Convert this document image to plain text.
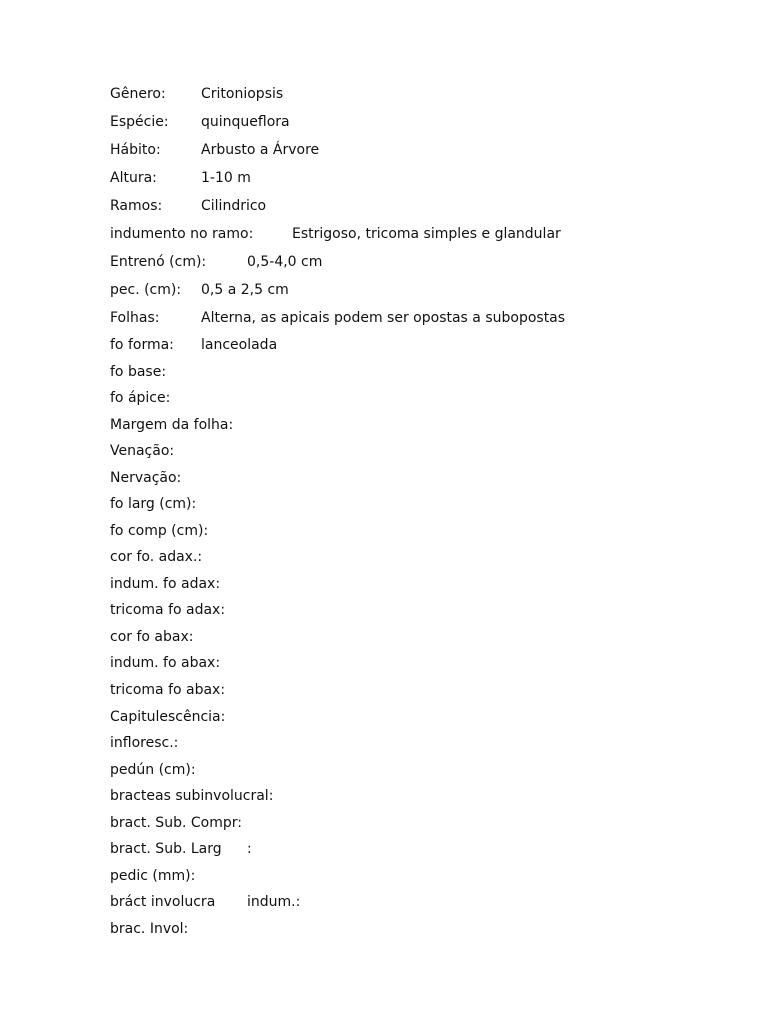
Gênero:	Critoniopsis
Espécie: quinqueflora
Hábito:	Arbusto a Árvore
Altura:	1-10 m
Ramos:	Cilindrico
indumento no ramo:	Estrigoso, tricoma simples e glandular
Entrenó (cm):	0,5-4,0 cm
pec. (cm): 0,5 a 2,5 cm
Folhas:	Alterna, as apicais podem ser opostas a subopostas
fo forma: lanceolada
fo base:
fo ápice:
Margem da folha:
Venação:
Nervação:
fo larg (cm):
fo comp (cm):
cor fo. adax.:
indum. fo adax:
tricoma fo adax:
cor fo abax:
indum. fo abax:
tricoma fo abax:
Capitulescência:
infloresc.:
pedún (cm):
bracteas subinvolucral:
bract. Sub. Compr:
bract. Sub. Larg :
pedic (mm):
bráct involucra indum.:
brac. Invol:
